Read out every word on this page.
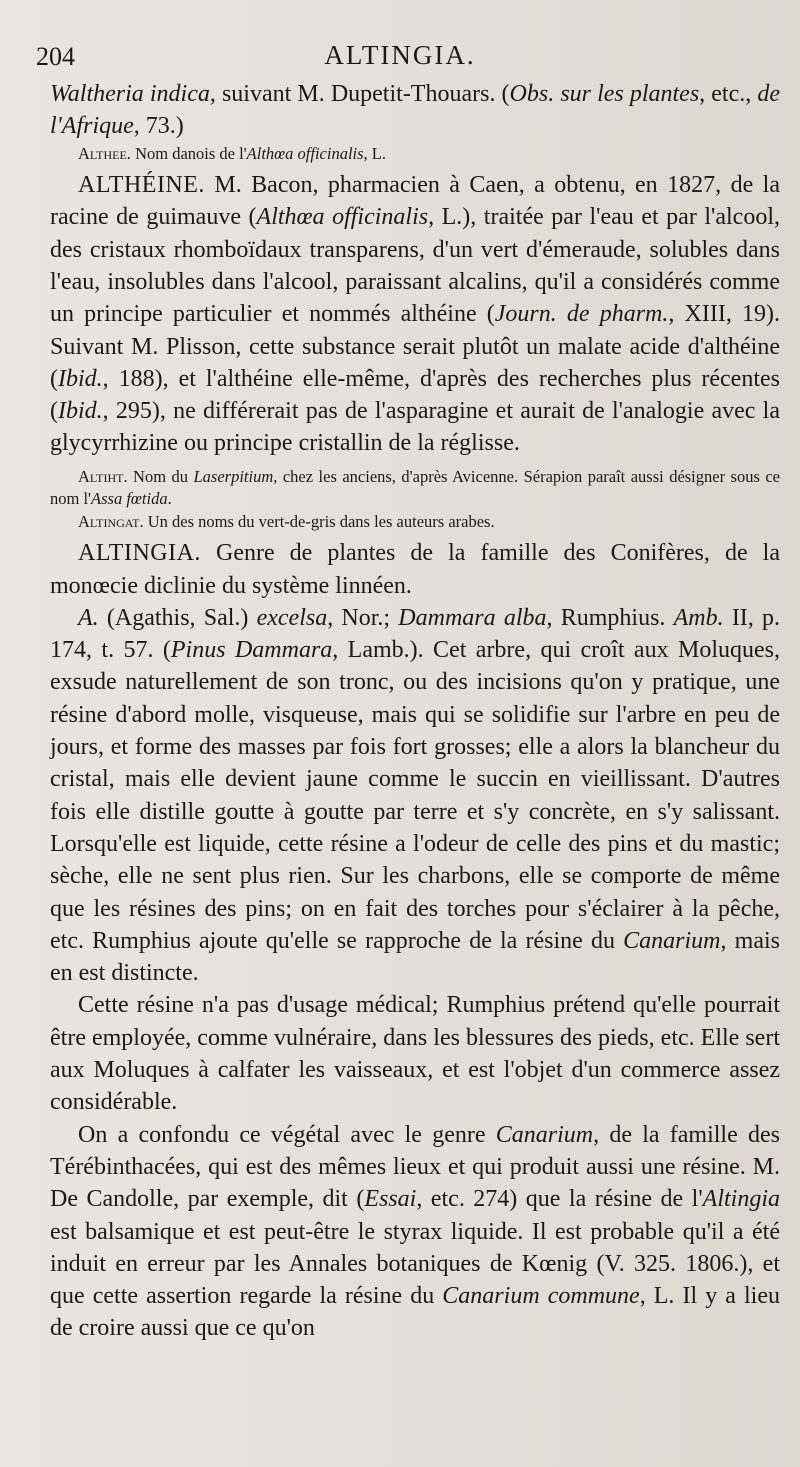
204	ALTINGIA.

Waltheria indica, suivant M. Dupetit-Thouars. (Obs. sur les plantes, etc., de l'Afrique, 73.)

Althee. Nom danois de l'Althœa officinalis, L.

ALTHÉINE. M. Bacon, pharmacien à Caen, a obtenu, en 1827, de la racine de guimauve (Althœa officinalis, L.), traitée par l'eau et par l'alcool, des cristaux rhomboïdaux transparens, d'un vert d'émeraude, solubles dans l'eau, insolubles dans l'alcool, paraissant alcalins, qu'il a considérés comme un principe particulier et nommés althéine (Journ. de pharm., XIII, 19). Suivant M. Plisson, cette substance serait plutôt un malate acide d'althéine (Ibid., 188), et l'althéine elle-même, d'après des recherches plus récentes (Ibid., 295), ne différerait pas de l'asparagine et aurait de l'analogie avec la glycyrrhizine ou principe cristallin de la réglisse.

Altiht. Nom du Laserpitium, chez les anciens, d'après Avicenne. Sérapion paraît aussi désigner sous ce nom l'Assa fœtida.

Altingat. Un des noms du vert-de-gris dans les auteurs arabes.

ALTINGIA. Genre de plantes de la famille des Conifères, de la monœcie diclinie du système linnéen.

A. (Agathis, Sal.) excelsa, Nor.; Dammara alba, Rumphius. Amb. II, p. 174, t. 57. (Pinus Dammara, Lamb.). Cet arbre, qui croît aux Moluques, exsude naturellement de son tronc, ou des incisions qu'on y pratique, une résine d'abord molle, visqueuse, mais qui se solidifie sur l'arbre en peu de jours, et forme des masses par fois fort grosses; elle a alors la blancheur du cristal, mais elle devient jaune comme le succin en vieillissant. D'autres fois elle distille goutte à goutte par terre et s'y concrète, en s'y salissant. Lorsqu'elle est liquide, cette résine a l'odeur de celle des pins et du mastic; sèche, elle ne sent plus rien. Sur les charbons, elle se comporte de même que les résines des pins; on en fait des torches pour s'éclairer à la pêche, etc. Rumphius ajoute qu'elle se rapproche de la résine du Canarium, mais en est distincte.

Cette résine n'a pas d'usage médical; Rumphius prétend qu'elle pourrait être employée, comme vulnéraire, dans les blessures des pieds, etc. Elle sert aux Moluques à calfater les vaisseaux, et est l'objet d'un commerce assez considérable.

On a confondu ce végétal avec le genre Canarium, de la famille des Térébinthacées, qui est des mêmes lieux et qui produit aussi une résine. M. De Candolle, par exemple, dit (Essai, etc. 274) que la résine de l'Altingia est balsamique et est peut-être le styrax liquide. Il est probable qu'il a été induit en erreur par les Annales botaniques de Kœnig (V. 325. 1806.), et que cette assertion regarde la résine du Canarium commune, L. Il y a lieu de croire aussi que ce qu'on
